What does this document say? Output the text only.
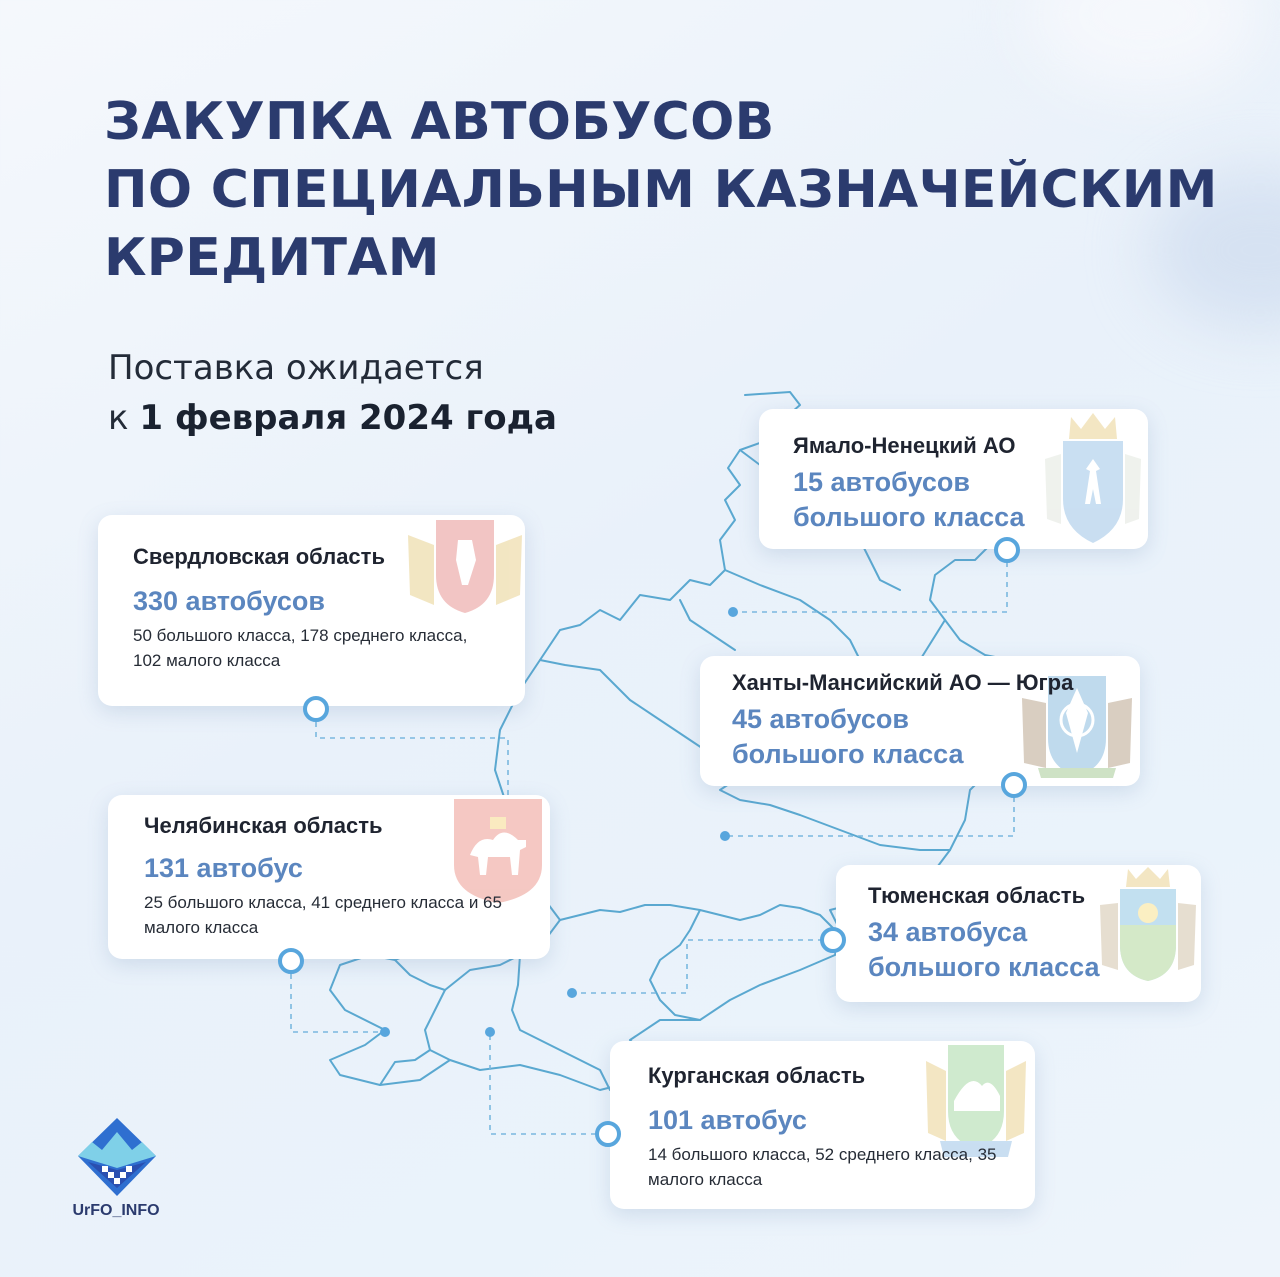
ЗАКУПКА АВТОБУСОВ
ПО СПЕЦИАЛЬНЫМ КАЗНАЧЕЙСКИМ
КРЕДИТАМ
Поставка ожидается
к 1 февраля 2024 года
Ямало-Ненецкий АО
15 автобусов
большого класса
Свердловская область
330 автобусов
50 большого класса, 178 среднего класса, 102 малого класса
Ханты-Мансийский АО — Югра
45 автобусов
большого класса
Челябинская область
131 автобус
25 большого класса, 41 среднего класса и 65 малого класса
Тюменская область
34 автобуса
большого класса
Курганская область
101 автобус
14 большого класса, 52 среднего класса, 35 малого класса
UrFO_INFO
